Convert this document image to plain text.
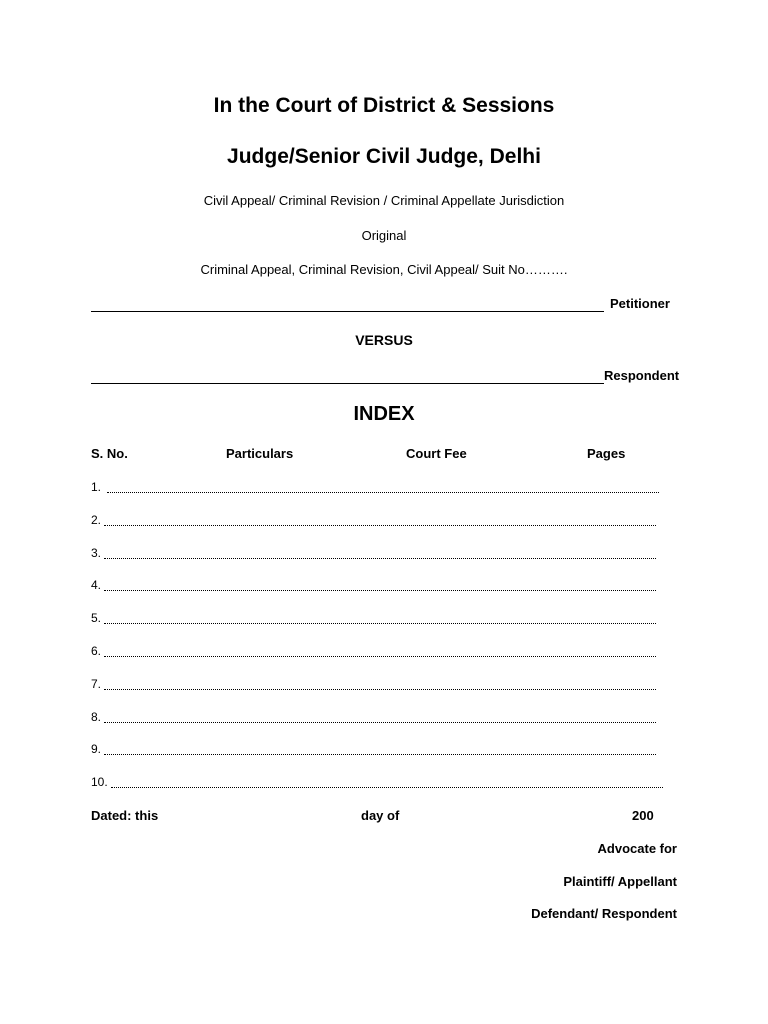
In the Court of District & Sessions
Judge/Senior Civil Judge, Delhi
Civil Appeal/ Criminal Revision / Criminal Appellate Jurisdiction
Original
Criminal Appeal, Criminal Revision, Civil Appeal/ Suit No……….
Petitioner
VERSUS
Respondent
INDEX
S. No.	Particulars	Court Fee	Pages
1.
2.
3.
4.
5.
6.
7.
8.
9.
10.
Dated: this	day of	200
Advocate for
Plaintiff/ Appellant
Defendant/ Respondent
